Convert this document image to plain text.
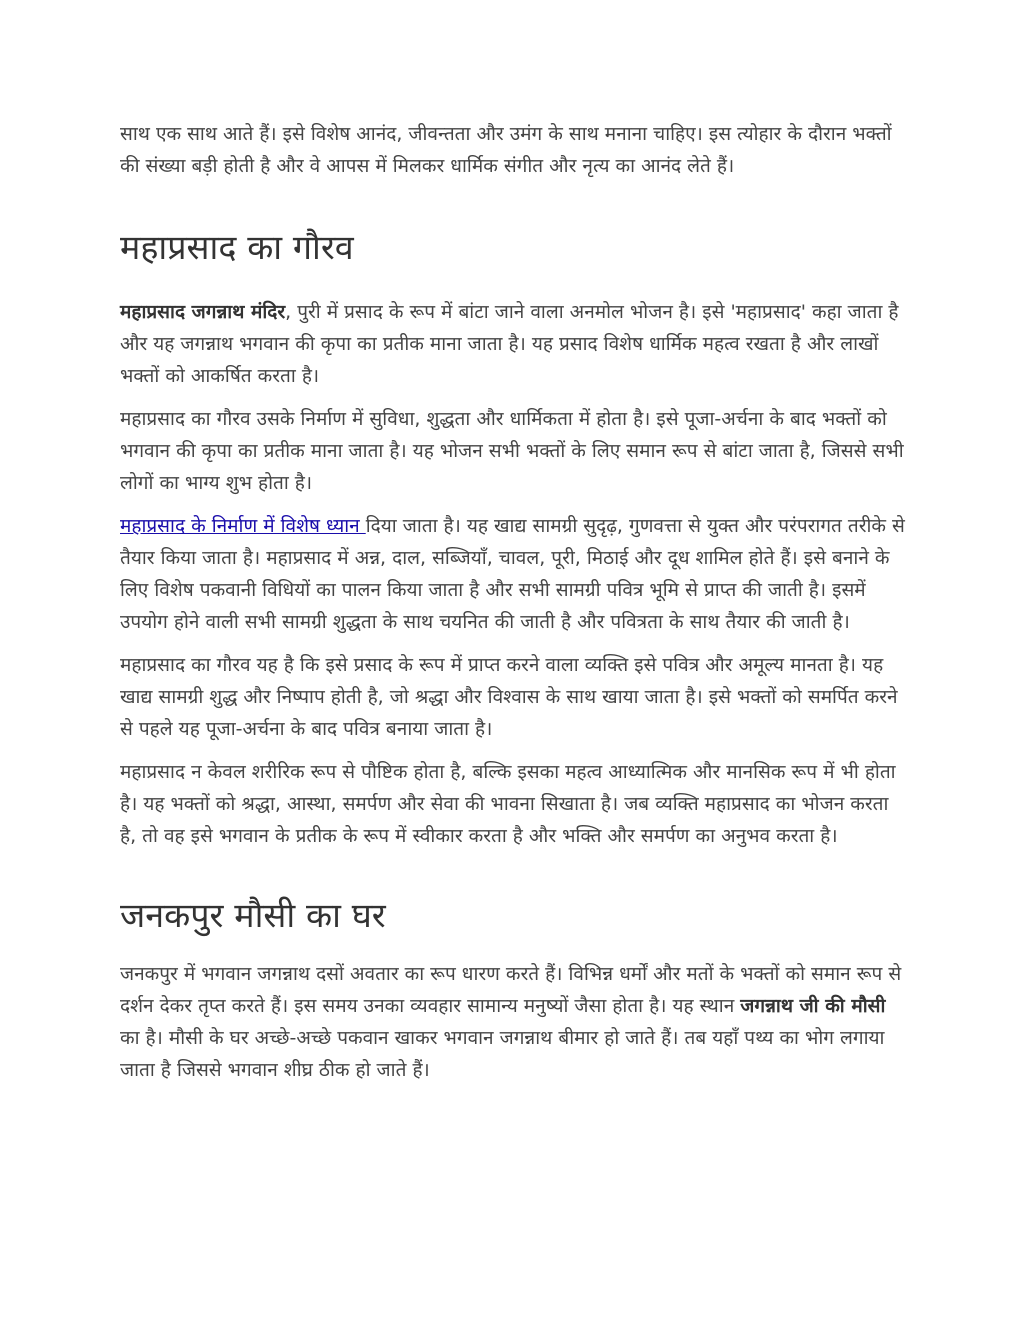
साथ एक साथ आते हैं। इसे विशेष आनंद, जीवन्तता और उमंग के साथ मनाना चाहिए। इस त्योहार के दौरान भक्तों की संख्या बड़ी होती है और वे आपस में मिलकर धार्मिक संगीत और नृत्य का आनंद लेते हैं।

महाप्रसाद का गौरव

महाप्रसाद जगन्नाथ मंदिर, पुरी में प्रसाद के रूप में बांटा जाने वाला अनमोल भोजन है। इसे 'महाप्रसाद' कहा जाता है और यह जगन्नाथ भगवान की कृपा का प्रतीक माना जाता है। यह प्रसाद विशेष धार्मिक महत्व रखता है और लाखों भक्तों को आकर्षित करता है।

महाप्रसाद का गौरव उसके निर्माण में सुविधा, शुद्धता और धार्मिकता में होता है। इसे पूजा-अर्चना के बाद भक्तों को भगवान की कृपा का प्रतीक माना जाता है। यह भोजन सभी भक्तों के लिए समान रूप से बांटा जाता है, जिससे सभी लोगों का भाग्य शुभ होता है।

महाप्रसाद के निर्माण में विशेष ध्यान दिया जाता है। यह खाद्य सामग्री सुदृढ़, गुणवत्ता से युक्त और परंपरागत तरीके से तैयार किया जाता है। महाप्रसाद में अन्न, दाल, सब्जियाँ, चावल, पूरी, मिठाई और दूध शामिल होते हैं। इसे बनाने के लिए विशेष पकवानी विधियों का पालन किया जाता है और सभी सामग्री पवित्र भूमि से प्राप्त की जाती है। इसमें उपयोग होने वाली सभी सामग्री शुद्धता के साथ चयनित की जाती है और पवित्रता के साथ तैयार की जाती है।

महाप्रसाद का गौरव यह है कि इसे प्रसाद के रूप में प्राप्त करने वाला व्यक्ति इसे पवित्र और अमूल्य मानता है। यह खाद्य सामग्री शुद्ध और निष्पाप होती है, जो श्रद्धा और विश्वास के साथ खाया जाता है। इसे भक्तों को समर्पित करने से पहले यह पूजा-अर्चना के बाद पवित्र बनाया जाता है।

महाप्रसाद न केवल शरीरिक रूप से पौष्टिक होता है, बल्कि इसका महत्व आध्यात्मिक और मानसिक रूप में भी होता है। यह भक्तों को श्रद्धा, आस्था, समर्पण और सेवा की भावना सिखाता है। जब व्यक्ति महाप्रसाद का भोजन करता है, तो वह इसे भगवान के प्रतीक के रूप में स्वीकार करता है और भक्ति और समर्पण का अनुभव करता है।

जनकपुर मौसी का घर

जनकपुर में भगवान जगन्नाथ दसों अवतार का रूप धारण करते हैं। विभिन्न धर्मों और मतों के भक्तों को समान रूप से दर्शन देकर तृप्त करते हैं। इस समय उनका व्यवहार सामान्य मनुष्यों जैसा होता है। यह स्थान जगन्नाथ जी की मौसी का है। मौसी के घर अच्छे-अच्छे पकवान खाकर भगवान जगन्नाथ बीमार हो जाते हैं। तब यहाँ पथ्य का भोग लगाया जाता है जिससे भगवान शीघ्र ठीक हो जाते हैं।
